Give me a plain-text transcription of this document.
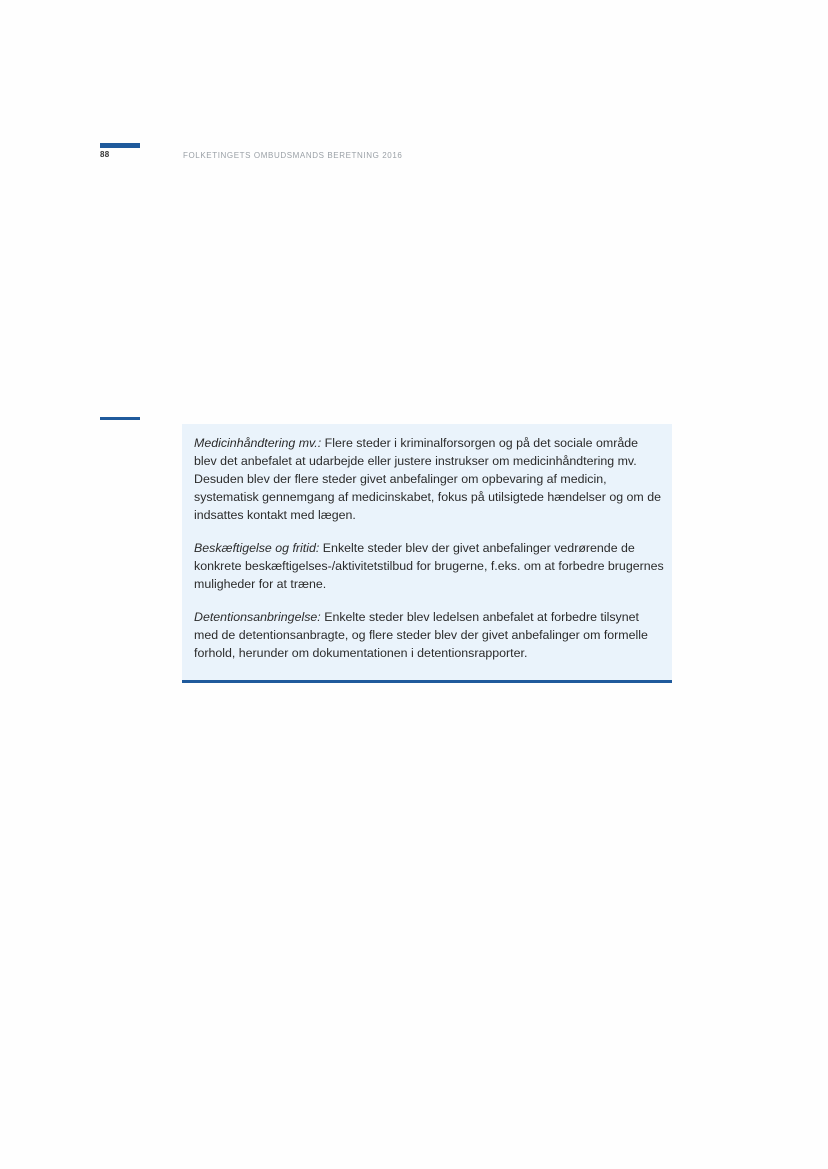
88	FOLKETINGETS OMBUDSMANDS BERETNING 2016

Medicinhåndtering mv.: Flere steder i kriminalforsorgen og på det sociale område blev det anbefalet at udarbejde eller justere instrukser om medicinhåndtering mv. Desuden blev der flere steder givet anbefalinger om opbevaring af medicin, systematisk gennemgang af medicinskabet, fokus på utilsigtede hændelser og om de indsattes kontakt med lægen.

Beskæftigelse og fritid: Enkelte steder blev der givet anbefalinger vedrørende de konkrete beskæftigelses-/aktivitetstilbud for brugerne, f.eks. om at forbedre brugernes muligheder for at træne.

Detentionsanbringelse: Enkelte steder blev ledelsen anbefalet at forbedre tilsynet med de detentionsanbragte, og flere steder blev der givet anbefalinger om formelle forhold, herunder om dokumentationen i detentionsrapporter.
